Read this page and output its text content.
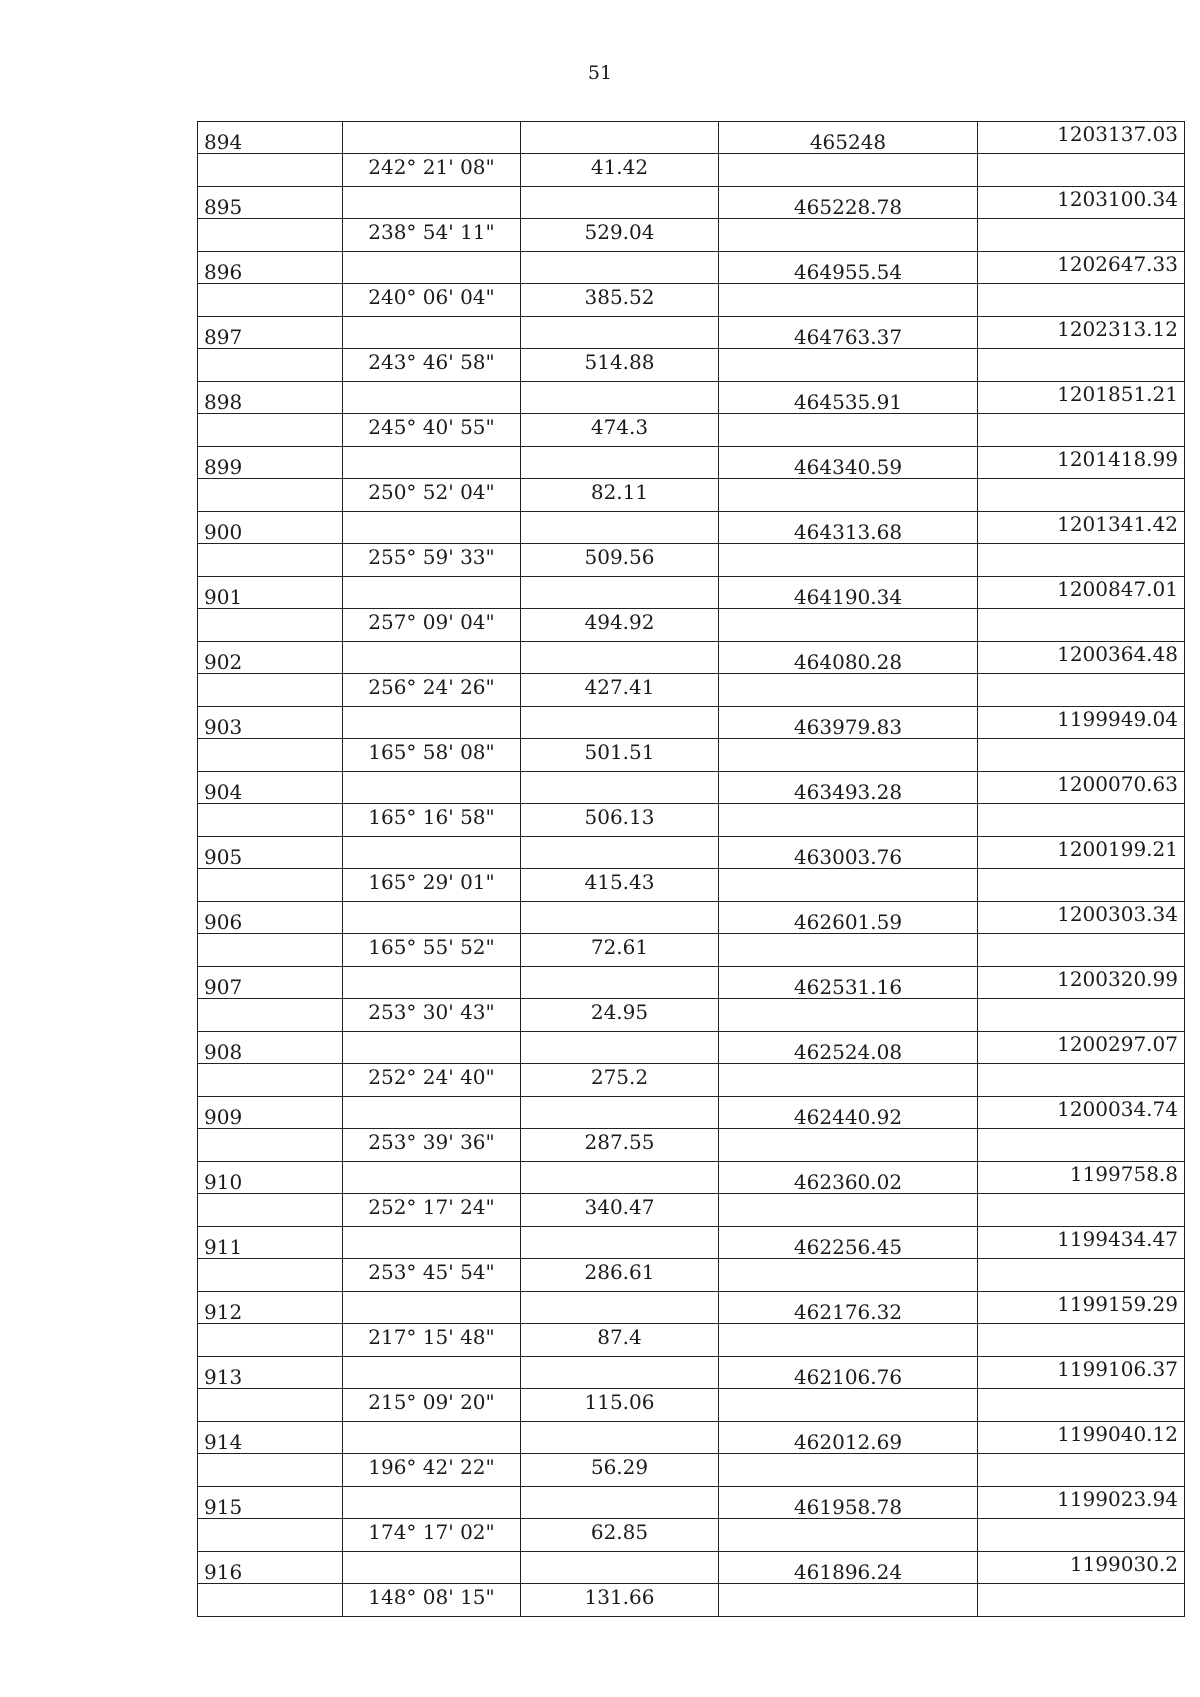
51
894			465248	1203137.03
	242° 21' 08"	41.42		
895			465228.78	1203100.34
	238° 54' 11"	529.04		
896			464955.54	1202647.33
	240° 06' 04"	385.52		
897			464763.37	1202313.12
	243° 46' 58"	514.88		
898			464535.91	1201851.21
	245° 40' 55"	474.3		
899			464340.59	1201418.99
	250° 52' 04"	82.11		
900			464313.68	1201341.42
	255° 59' 33"	509.56		
901			464190.34	1200847.01
	257° 09' 04"	494.92		
902			464080.28	1200364.48
	256° 24' 26"	427.41		
903			463979.83	1199949.04
	165° 58' 08"	501.51		
904			463493.28	1200070.63
	165° 16' 58"	506.13		
905			463003.76	1200199.21
	165° 29' 01"	415.43		
906			462601.59	1200303.34
	165° 55' 52"	72.61		
907			462531.16	1200320.99
	253° 30' 43"	24.95		
908			462524.08	1200297.07
	252° 24' 40"	275.2		
909			462440.92	1200034.74
	253° 39' 36"	287.55		
910			462360.02	1199758.8
	252° 17' 24"	340.47		
911			462256.45	1199434.47
	253° 45' 54"	286.61		
912			462176.32	1199159.29
	217° 15' 48"	87.4		
913			462106.76	1199106.37
	215° 09' 20"	115.06		
914			462012.69	1199040.12
	196° 42' 22"	56.29		
915			461958.78	1199023.94
	174° 17' 02"	62.85		
916			461896.24	1199030.2
	148° 08' 15"	131.66		
